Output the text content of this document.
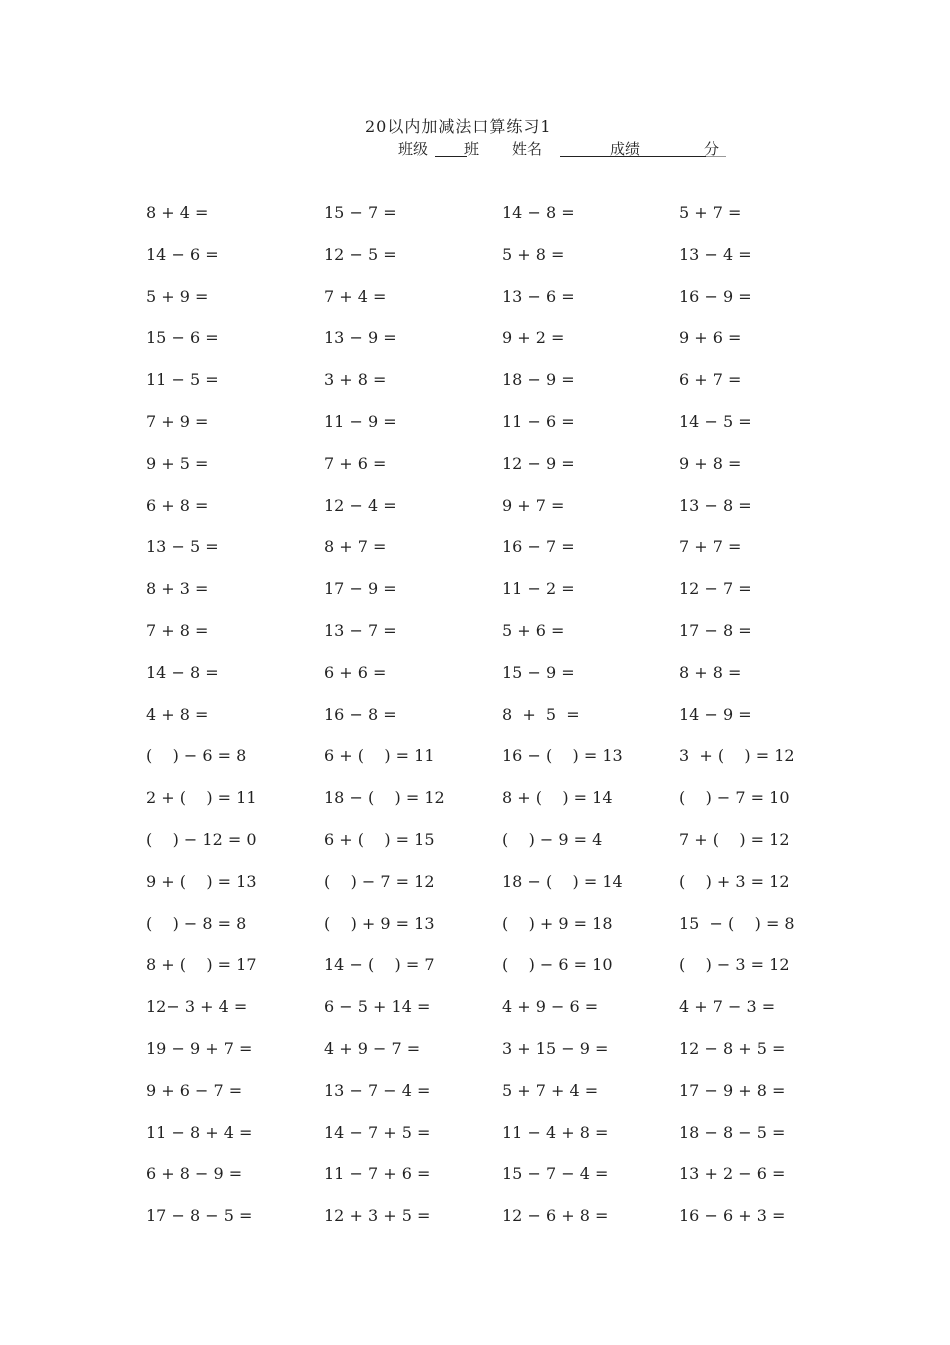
20以内加减法口算练习1
班级 班 姓名	成绩	分
8 + 4 =	15 − 7 =	14 − 8 =	5 + 7 =
14 − 6 =	12 − 5 =	5 + 8 =	13 − 4 =
5 + 9 =	7 + 4 =	13 − 6 =	16 − 9 =
15 − 6 =	13 − 9 =	9 + 2 =	9 + 6 =
11 − 5 =	3 + 8 =	18 − 9 =	6 + 7 =
7 + 9 =	11 − 9 =	11 − 6 =	14 − 5 =
9 + 5 =	7 + 6 =	12 − 9 =	9 + 8 =
6 + 8 =	12 − 4 =	9 + 7 =	13 − 8 =
13 − 5 =	8 + 7 =	16 − 7 =	7 + 7 =
8 + 3 =	17 − 9 =	11 − 2 =	12 − 7 =
7 + 8 =	13 − 7 =	5 + 6 =	17 − 8 =
14 − 8 =	6 + 6 =	15 − 9 =	8 + 8 =
4 + 8 =	16 − 8 =	8  +  5  =	14 − 9 =
(    ) − 6 = 8	6 + (    ) = 11	16 − (    ) = 13	3  + (    ) = 12
2 + (    ) = 11	18 − (    ) = 12	8 + (    ) = 14	(    ) − 7 = 10
(    ) − 12 = 0	6 + (    ) = 15	(    ) − 9 = 4	7 + (    ) = 12
9 + (    ) = 13	(    ) − 7 = 12	18 − (    ) = 14	(    ) + 3 = 12
(    ) − 8 = 8	(    ) + 9 = 13	(    ) + 9 = 18	15  − (    ) = 8
8 + (    ) = 17	14 − (    ) = 7	(    ) − 6 = 10	(    ) − 3 = 12
12− 3 + 4 =	6 − 5 + 14 =	4 + 9 − 6 =	4 + 7 − 3 =
19 − 9 + 7 =	4 + 9 − 7 =	3 + 15 − 9 =	12 − 8 + 5 =
9 + 6 − 7 =	13 − 7 − 4 =	5 + 7 + 4 =	17 − 9 + 8 =
11 − 8 + 4 =	14 − 7 + 5 =	11 − 4 + 8 =	18 − 8 − 5 =
6 + 8 − 9 =	11 − 7 + 6 =	15 − 7 − 4 =	13 + 2 − 6 =
17 − 8 − 5 =	12 + 3 + 5 =	12 − 6 + 8 =	16 − 6 + 3 =
